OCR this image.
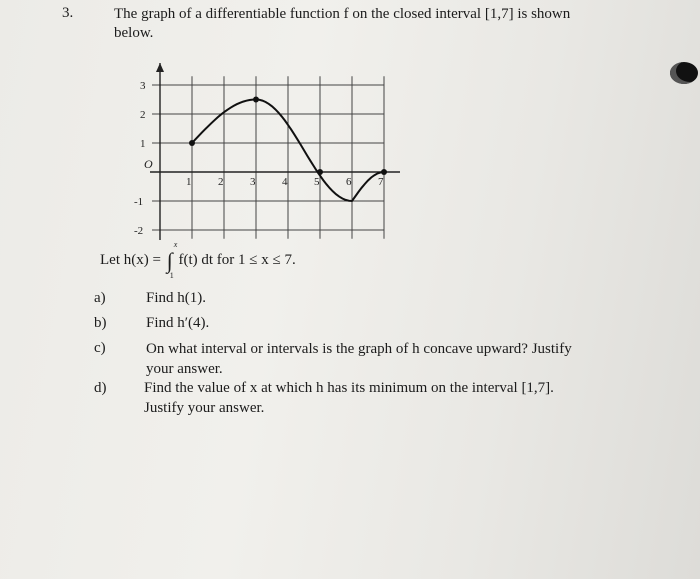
3.	The graph of a differentiable function f on the closed interval [1,7] is shown
below.
1 2 3 4 5 6 7
3
2
1
-1
-2
O
Let h(x) = ∫
x
1
f(t) dt for 1 ≤ x ≤ 7.
a)	Find h(1).
b)	Find h′(4).
c)	On what interval or intervals is the graph of h concave upward? Justify
your answer.
d)	Find the value of x at which h has its minimum on the interval [1,7].
Justify your answer.
